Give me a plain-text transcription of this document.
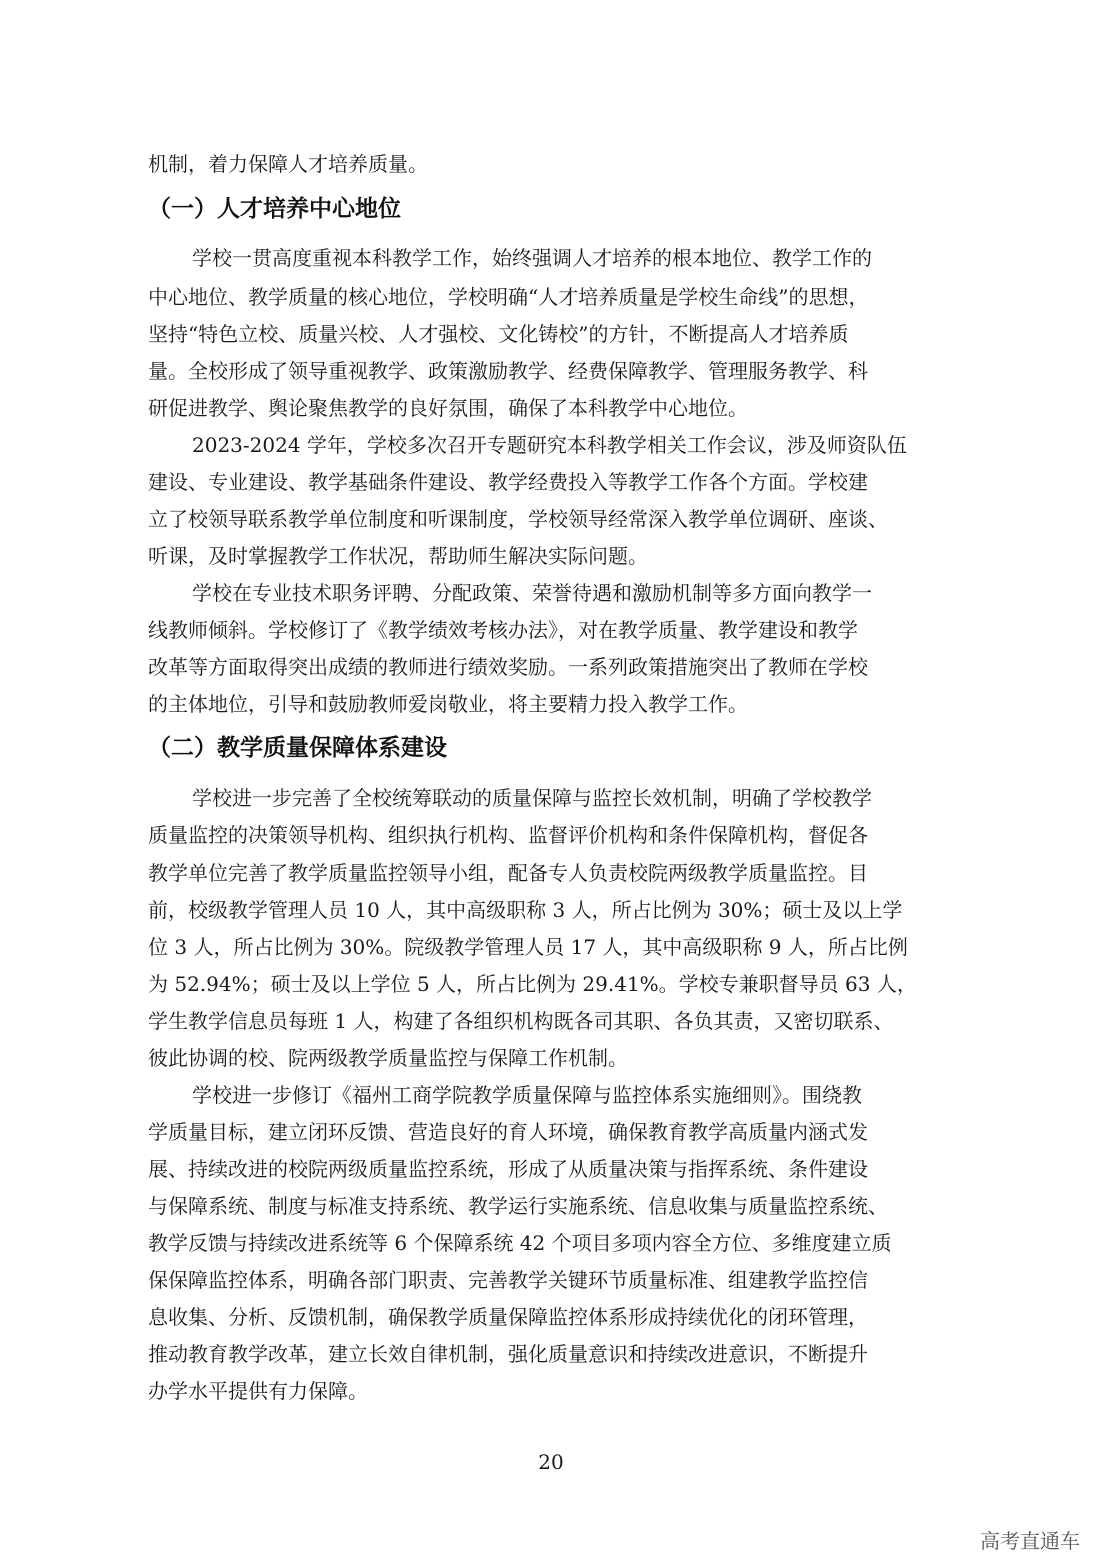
机制，着力保障人才培养质量。
（一）人才培养中心地位
学校一贯高度重视本科教学工作，始终强调人才培养的根本地位、教学工作的
中心地位、教学质量的核心地位，学校明确“人才培养质量是学校生命线”的思想，
坚持“特色立校、质量兴校、人才强校、文化铸校”的方针，不断提高人才培养质
量。全校形成了领导重视教学、政策激励教学、经费保障教学、管理服务教学、科
研促进教学、舆论聚焦教学的良好氛围，确保了本科教学中心地位。
2023-2024 学年，学校多次召开专题研究本科教学相关工作会议，涉及师资队伍
建设、专业建设、教学基础条件建设、教学经费投入等教学工作各个方面。学校建
立了校领导联系教学单位制度和听课制度，学校领导经常深入教学单位调研、座谈、
听课，及时掌握教学工作状况，帮助师生解决实际问题。
学校在专业技术职务评聘、分配政策、荣誉待遇和激励机制等多方面向教学一
线教师倾斜。学校修订了《教学绩效考核办法》，对在教学质量、教学建设和教学
改革等方面取得突出成绩的教师进行绩效奖励。一系列政策措施突出了教师在学校
的主体地位，引导和鼓励教师爱岗敬业，将主要精力投入教学工作。
（二）教学质量保障体系建设
学校进一步完善了全校统筹联动的质量保障与监控长效机制，明确了学校教学
质量监控的决策领导机构、组织执行机构、监督评价机构和条件保障机构，督促各
教学单位完善了教学质量监控领导小组，配备专人负责校院两级教学质量监控。目
前，校级教学管理人员 10 人，其中高级职称 3 人，所占比例为 30%；硕士及以上学
位 3 人，所占比例为 30%。院级教学管理人员 17 人，其中高级职称 9 人，所占比例
为 52.94%；硕士及以上学位 5 人，所占比例为 29.41%。学校专兼职督导员 63 人，
学生教学信息员每班 1 人，构建了各组织机构既各司其职、各负其责，又密切联系、
彼此协调的校、院两级教学质量监控与保障工作机制。
学校进一步修订《福州工商学院教学质量保障与监控体系实施细则》。围绕教
学质量目标，建立闭环反馈、营造良好的育人环境，确保教育教学高质量内涵式发
展、持续改进的校院两级质量监控系统，形成了从质量决策与指挥系统、条件建设
与保障系统、制度与标准支持系统、教学运行实施系统、信息收集与质量监控系统、
教学反馈与持续改进系统等 6 个保障系统 42 个项目多项内容全方位、多维度建立质
保保障监控体系，明确各部门职责、完善教学关键环节质量标准、组建教学监控信
息收集、分析、反馈机制，确保教学质量保障监控体系形成持续优化的闭环管理，
推动教育教学改革，建立长效自律机制，强化质量意识和持续改进意识，不断提升
办学水平提供有力保障。
20
高考直通车
